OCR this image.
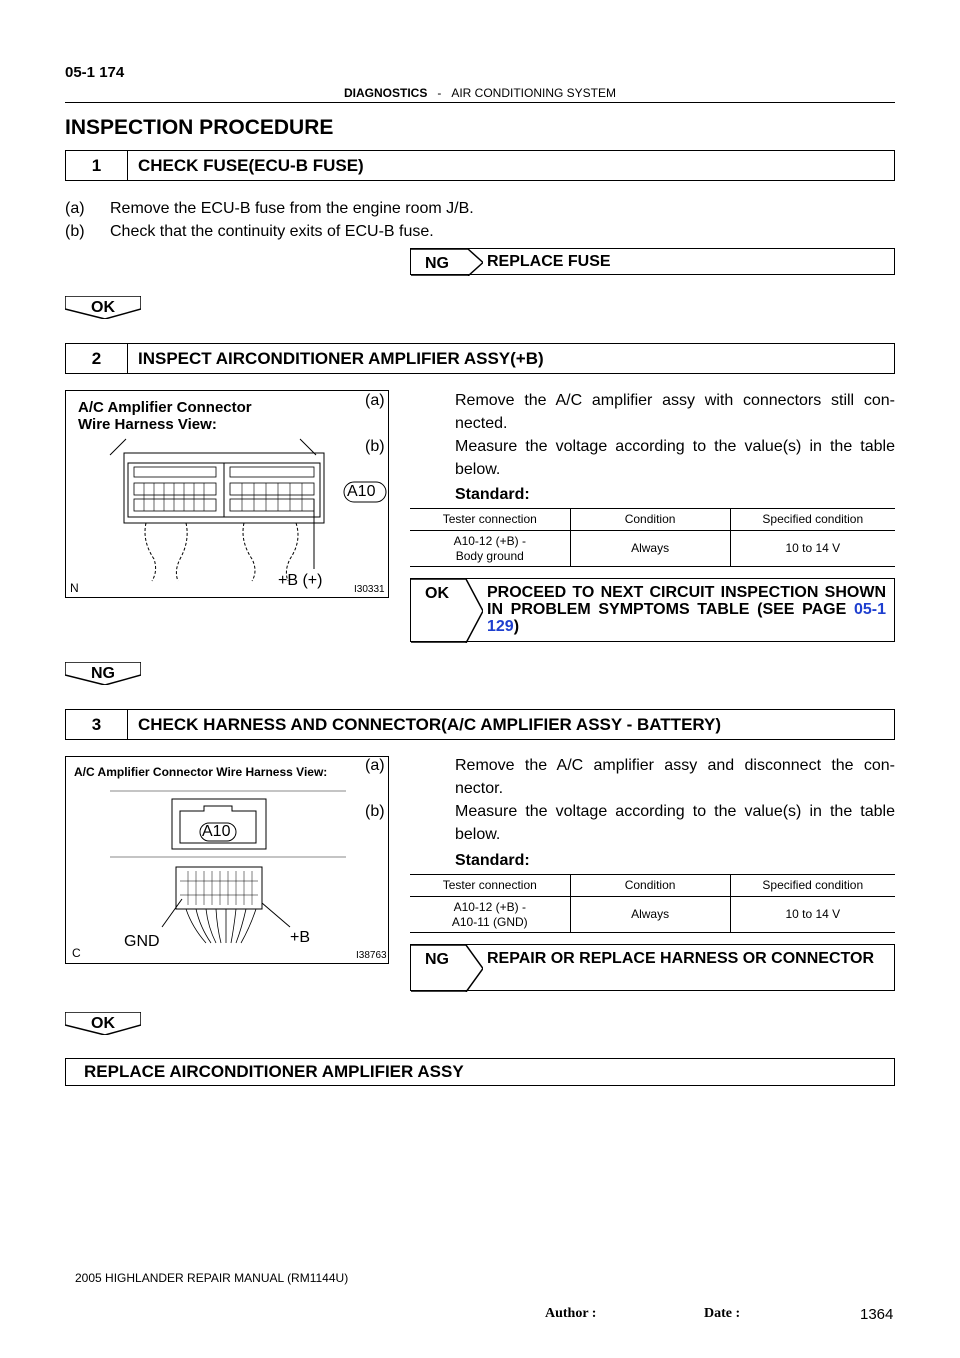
05-1 174
DIAGNOSTICS - AIR CONDITIONING SYSTEM
INSPECTION PROCEDURE
1	CHECK FUSE(ECU-B FUSE)
(a) Remove the ECU-B fuse from the engine room J/B.
(b) Check that the continuity exits of ECU-B fuse.
NG REPLACE FUSE
OK
2	INSPECT AIRCONDITIONER AMPLIFIER ASSY(+B)
A/C Amplifier Connector
Wire Harness View:
A10
+B (+)
N	I30331
(a)	Remove the A/C amplifier assy with connectors still con- nected.
(b)	Measure the voltage according to the value(s) in the table below.
Standard:
Tester connection	Condition	Specified condition
A10-12 (+B) -
Body ground	Always	10 to 14 V
OK PROCEED TO NEXT CIRCUIT INSPECTION SHOWN IN PROBLEM SYMPTOMS TABLE (SEE PAGE 05-1 129)
NG
3	CHECK HARNESS AND CONNECTOR(A/C AMPLIFIER ASSY - BATTERY)
A/C Amplifier Connector Wire Harness View:
A10
GND	+B
C	I38763
(a)	Remove the A/C amplifier assy and disconnect the con- nector.
(b)	Measure the voltage according to the value(s) in the table below.
Standard:
Tester connection	Condition	Specified condition
A10-12 (+B) -
A10-11 (GND)	Always	10 to 14 V
NG REPAIR OR REPLACE HARNESS OR CONNECTOR
OK
REPLACE AIRCONDITIONER AMPLIFIER ASSY
2005 HIGHLANDER REPAIR MANUAL (RM1144U)
Author :	Date :	1364
